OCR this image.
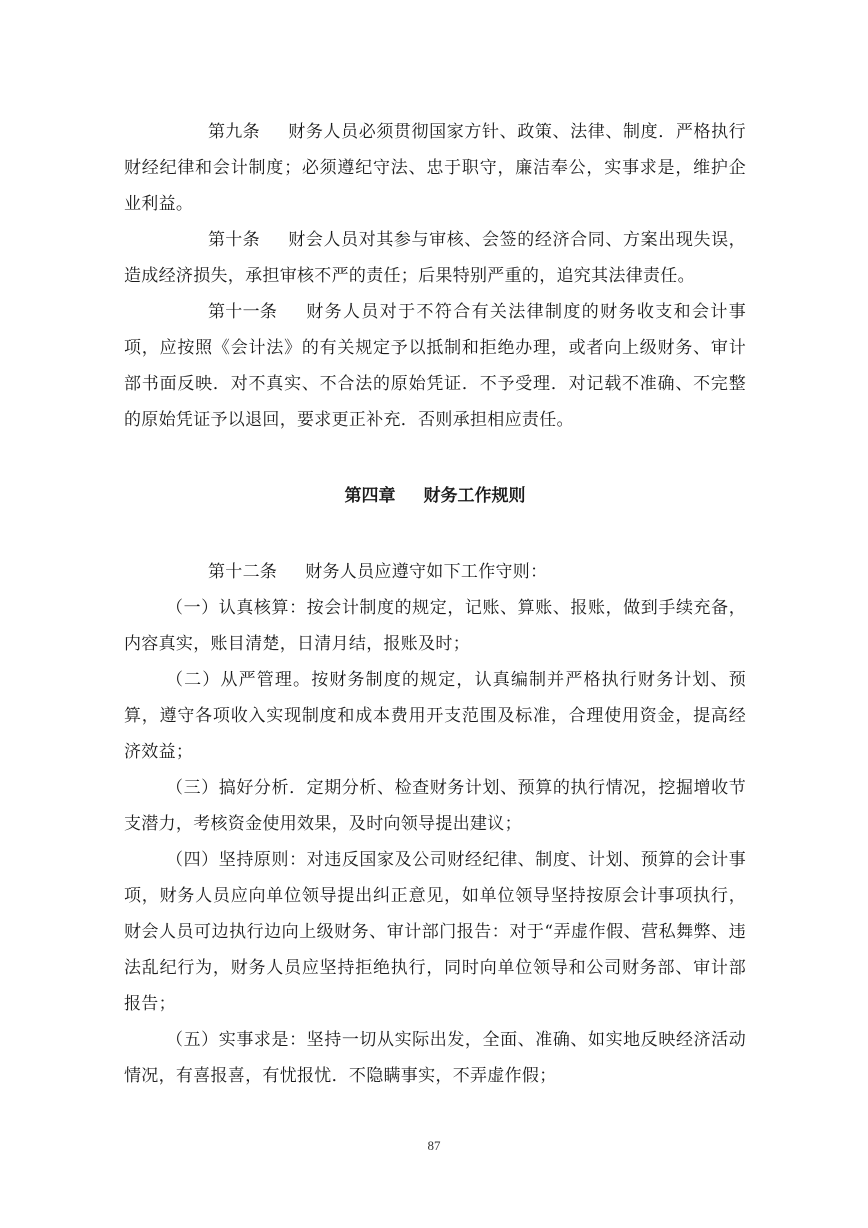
第九条 财务人员必须贯彻国家方针、政策、法律、制度．严格执行财经纪律和会计制度；必须遵纪守法、忠于职守，廉洁奉公，实事求是，维护企业利益。

第十条 财会人员对其参与审核、会签的经济合同、方案出现失误，造成经济损失，承担审核不严的责任；后果特别严重的，追究其法律责任。

第十一条 财务人员对于不符合有关法律制度的财务收支和会计事项，应按照《会计法》的有关规定予以抵制和拒绝办理，或者向上级财务、审计部书面反映．对不真实、不合法的原始凭证．不予受理．对记载不准确、不完整的原始凭证予以退回，要求更正补充．否则承担相应责任。

第四章 财务工作规则

第十二条 财务人员应遵守如下工作守则：

（一）认真核算：按会计制度的规定，记账、算账、报账，做到手续充备，内容真实，账目清楚，日清月结，报账及时；

（二）从严管理。按财务制度的规定，认真编制并严格执行财务计划、预算，遵守各项收入实现制度和成本费用开支范围及标准，合理使用资金，提高经济效益；

（三）搞好分析．定期分析、检查财务计划、预算的执行情况，挖掘增收节支潜力，考核资金使用效果，及时向领导提出建议；

（四）坚持原则：对违反国家及公司财经纪律、制度、计划、预算的会计事项，财务人员应向单位领导提出纠正意见，如单位领导坚持按原会计事项执行，财会人员可边执行边向上级财务、审计部门报告：对于“弄虚作假、营私舞弊、违法乱纪行为，财务人员应坚持拒绝执行，同时向单位领导和公司财务部、审计部报告；

（五）实事求是：坚持一切从实际出发，全面、准确、如实地反映经济活动情况，有喜报喜，有忧报忧．不隐瞒事实，不弄虚作假；

87
